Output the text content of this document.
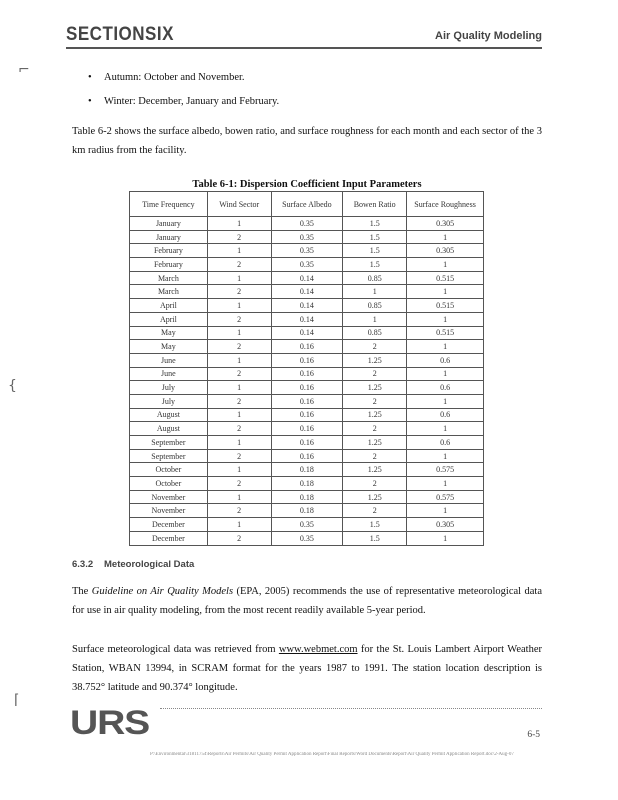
SECTIONSIX	Air Quality Modeling
⌐
{
⌈
• Autumn: October and November.
• Winter: December, January and February.
Table 6-2 shows the surface albedo, bowen ratio, and surface roughness for each month and each sector of the 3 km radius from the facility.
Table 6-1: Dispersion Coefficient Input Parameters
Time Frequency	Wind Sector	Surface Albedo	Bowen Ratio	Surface Roughness
January	1	0.35	1.5	0.305
January	2	0.35	1.5	1
February	1	0.35	1.5	0.305
February	2	0.35	1.5	1
March	1	0.14	0.85	0.515
March	2	0.14	1	1
April	1	0.14	0.85	0.515
April	2	0.14	1	1
May	1	0.14	0.85	0.515
May	2	0.16	2	1
June	1	0.16	1.25	0.6
June	2	0.16	2	1
July	1	0.16	1.25	0.6
July	2	0.16	2	1
August	1	0.16	1.25	0.6
August	2	0.16	2	1
September	1	0.16	1.25	0.6
September	2	0.16	2	1
October	1	0.18	1.25	0.575
October	2	0.18	2	1
November	1	0.18	1.25	0.575
November	2	0.18	2	1
December	1	0.35	1.5	0.305
December	2	0.35	1.5	1
6.3.2 Meteorological Data
The Guideline on Air Quality Models (EPA, 2005) recommends the use of representative meteorological data for use in air quality modeling, from the most recent readily available 5-year period.
Surface meteorological data was retrieved from www.webmet.com for the St. Louis Lambert Airport Weather Station, WBAN 13994, in SCRAM format for the years 1987 to 1991. The station location description is 38.752° latitude and 90.374° longitude.
URS	6-5
P:\Environmental\31811754\Reports\Air Permits\Air Quality Permit Application Report\Final Reports\Word Documents\Report\Air Quality Permit Application Report.doc\2-Aug-07
